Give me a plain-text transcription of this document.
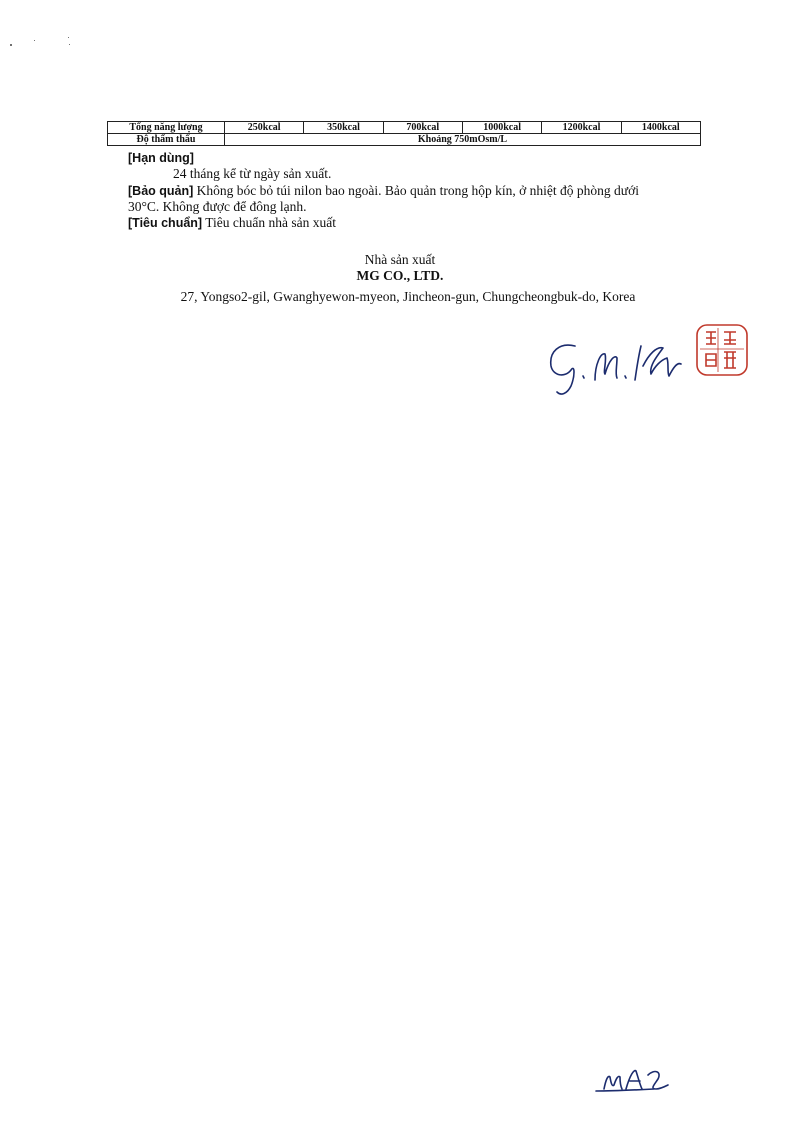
Tổng năng lượng	250kcal	350kcal	700kcal	1000kcal	1200kcal	1400kcal
Độ thẩm thấu	Khoảng 750mOsm/L					
[Hạn dùng]
24 tháng kể từ ngày sản xuất.
[Bảo quản] Không bóc bỏ túi nilon bao ngoài. Bảo quản trong hộp kín, ở nhiệt độ phòng dưới
30°C. Không được để đông lạnh.
[Tiêu chuẩn] Tiêu chuẩn nhà sản xuất
Nhà sản xuất
MG CO., LTD.
27, Yongso2-gil, Gwanghyewon-myeon, Jincheon-gun, Chungcheongbuk-do, Korea
